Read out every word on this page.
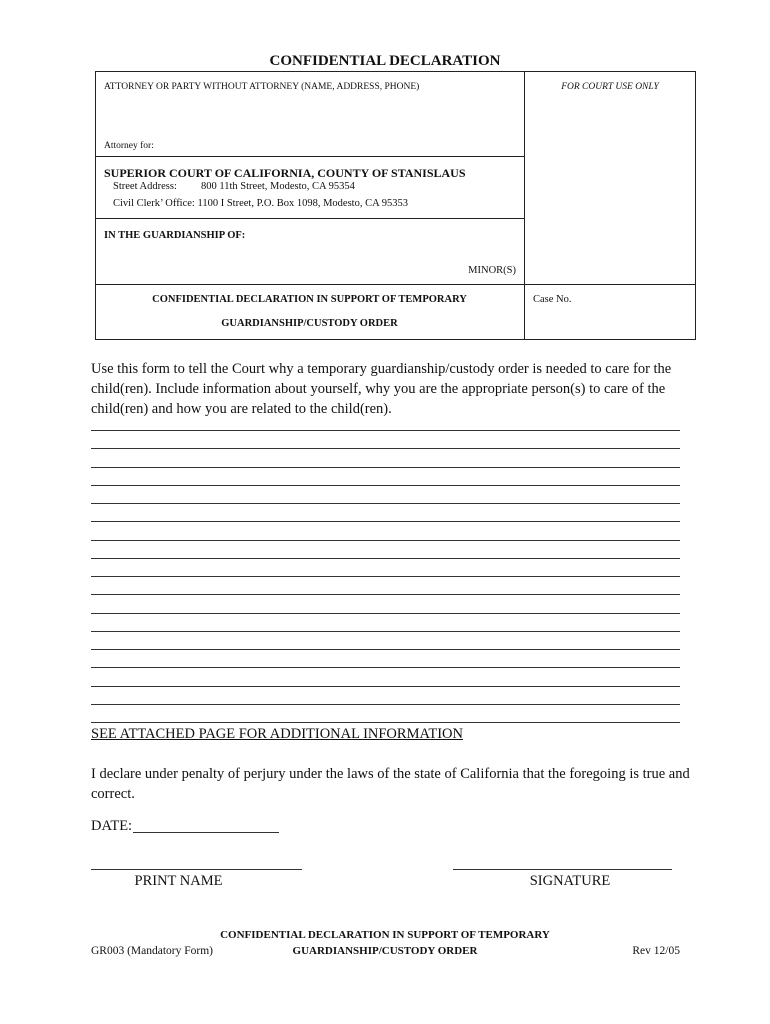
CONFIDENTIAL DECLARATION
ATTORNEY OR PARTY WITHOUT ATTORNEY (NAME, ADDRESS, PHONE)	FOR COURT USE ONLY
Attorney for:
SUPERIOR COURT OF CALIFORNIA, COUNTY OF STANISLAUS
Street Address: 800 11th Street, Modesto, CA 95354
Civil Clerk’ Office: 1100 I Street, P.O. Box 1098, Modesto, CA 95353
IN THE GUARDIANSHIP OF:
MINOR(S)
CONFIDENTIAL DECLARATION IN SUPPORT OF TEMPORARY
GUARDIANSHIP/CUSTODY ORDER
Case No.
Use this form to tell the Court why a temporary guardianship/custody order is needed to care for the child(ren). Include information about yourself, why you are the appropriate person(s) to care of the child(ren) and how you are related to the child(ren).
SEE ATTACHED PAGE FOR ADDITIONAL INFORMATION
I declare under penalty of perjury under the laws of the state of California that the foregoing is true and correct.
DATE:
PRINT NAME	SIGNATURE
CONFIDENTIAL DECLARATION IN SUPPORT OF TEMPORARY
GUARDIANSHIP/CUSTODY ORDER
GR003 (Mandatory Form)	Rev 12/05
